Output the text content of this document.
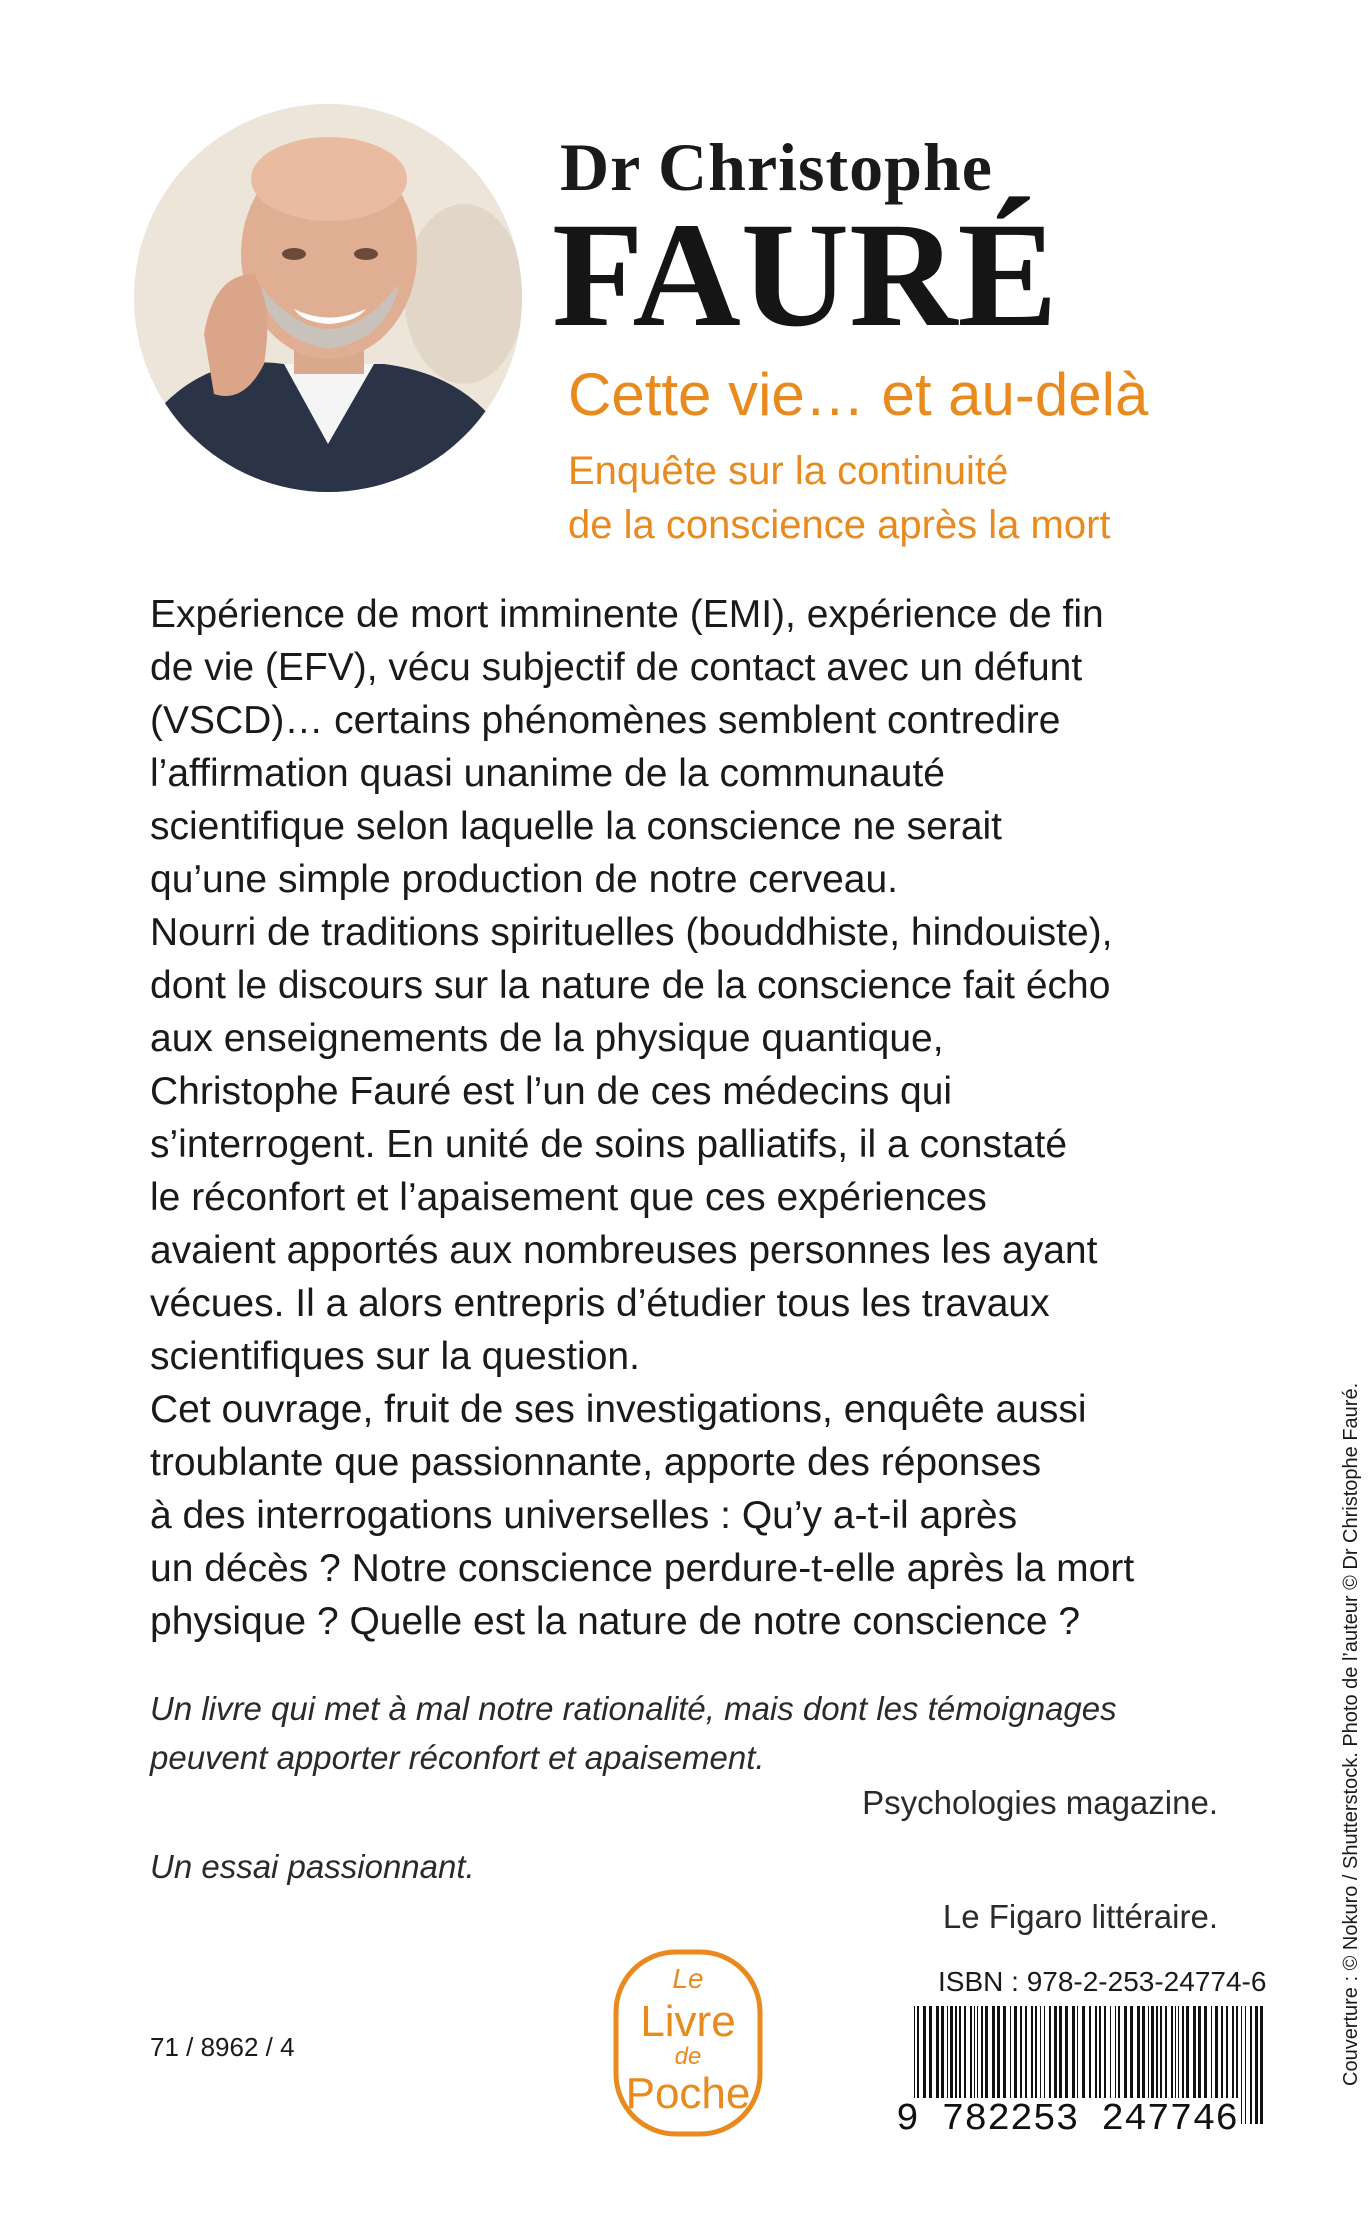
Dr Christophe
FAURÉ
Cette vie… et au-delà
Enquête sur la continuité
de la conscience après la mort
Expérience de mort imminente (EMI), expérience de fin
de vie (EFV), vécu subjectif de contact avec un défunt
(VSCD)… certains phénomènes semblent contredire
l’affirmation quasi unanime de la communauté
scientifique selon laquelle la conscience ne serait
qu’une simple production de notre cerveau.
Nourri de traditions spirituelles (bouddhiste, hindouiste),
dont le discours sur la nature de la conscience fait écho
aux enseignements de la physique quantique,
Christophe Fauré est l’un de ces médecins qui
s’interrogent. En unité de soins palliatifs, il a constaté
le réconfort et l’apaisement que ces expériences
avaient apportés aux nombreuses personnes les ayant
vécues. Il a alors entrepris d’étudier tous les travaux
scientifiques sur la question.
Cet ouvrage, fruit de ses investigations, enquête aussi
troublante que passionnante, apporte des réponses
à des interrogations universelles : Qu’y a-t-il après
un décès ? Notre conscience perdure-t-elle après la mort
physique ? Quelle est la nature de notre conscience ?
Un livre qui met à mal notre rationalité, mais dont les témoignages
peuvent apporter réconfort et apaisement.
Psychologies magazine.
Un essai passionnant.
Le Figaro littéraire.
71 / 8962 / 4
Le
Livre
de
Poche
ISBN : 978-2-253-24774-6
9 782253 247746
Couverture : © Nokuro / Shutterstock. Photo de l’auteur © Dr Christophe Fauré.
